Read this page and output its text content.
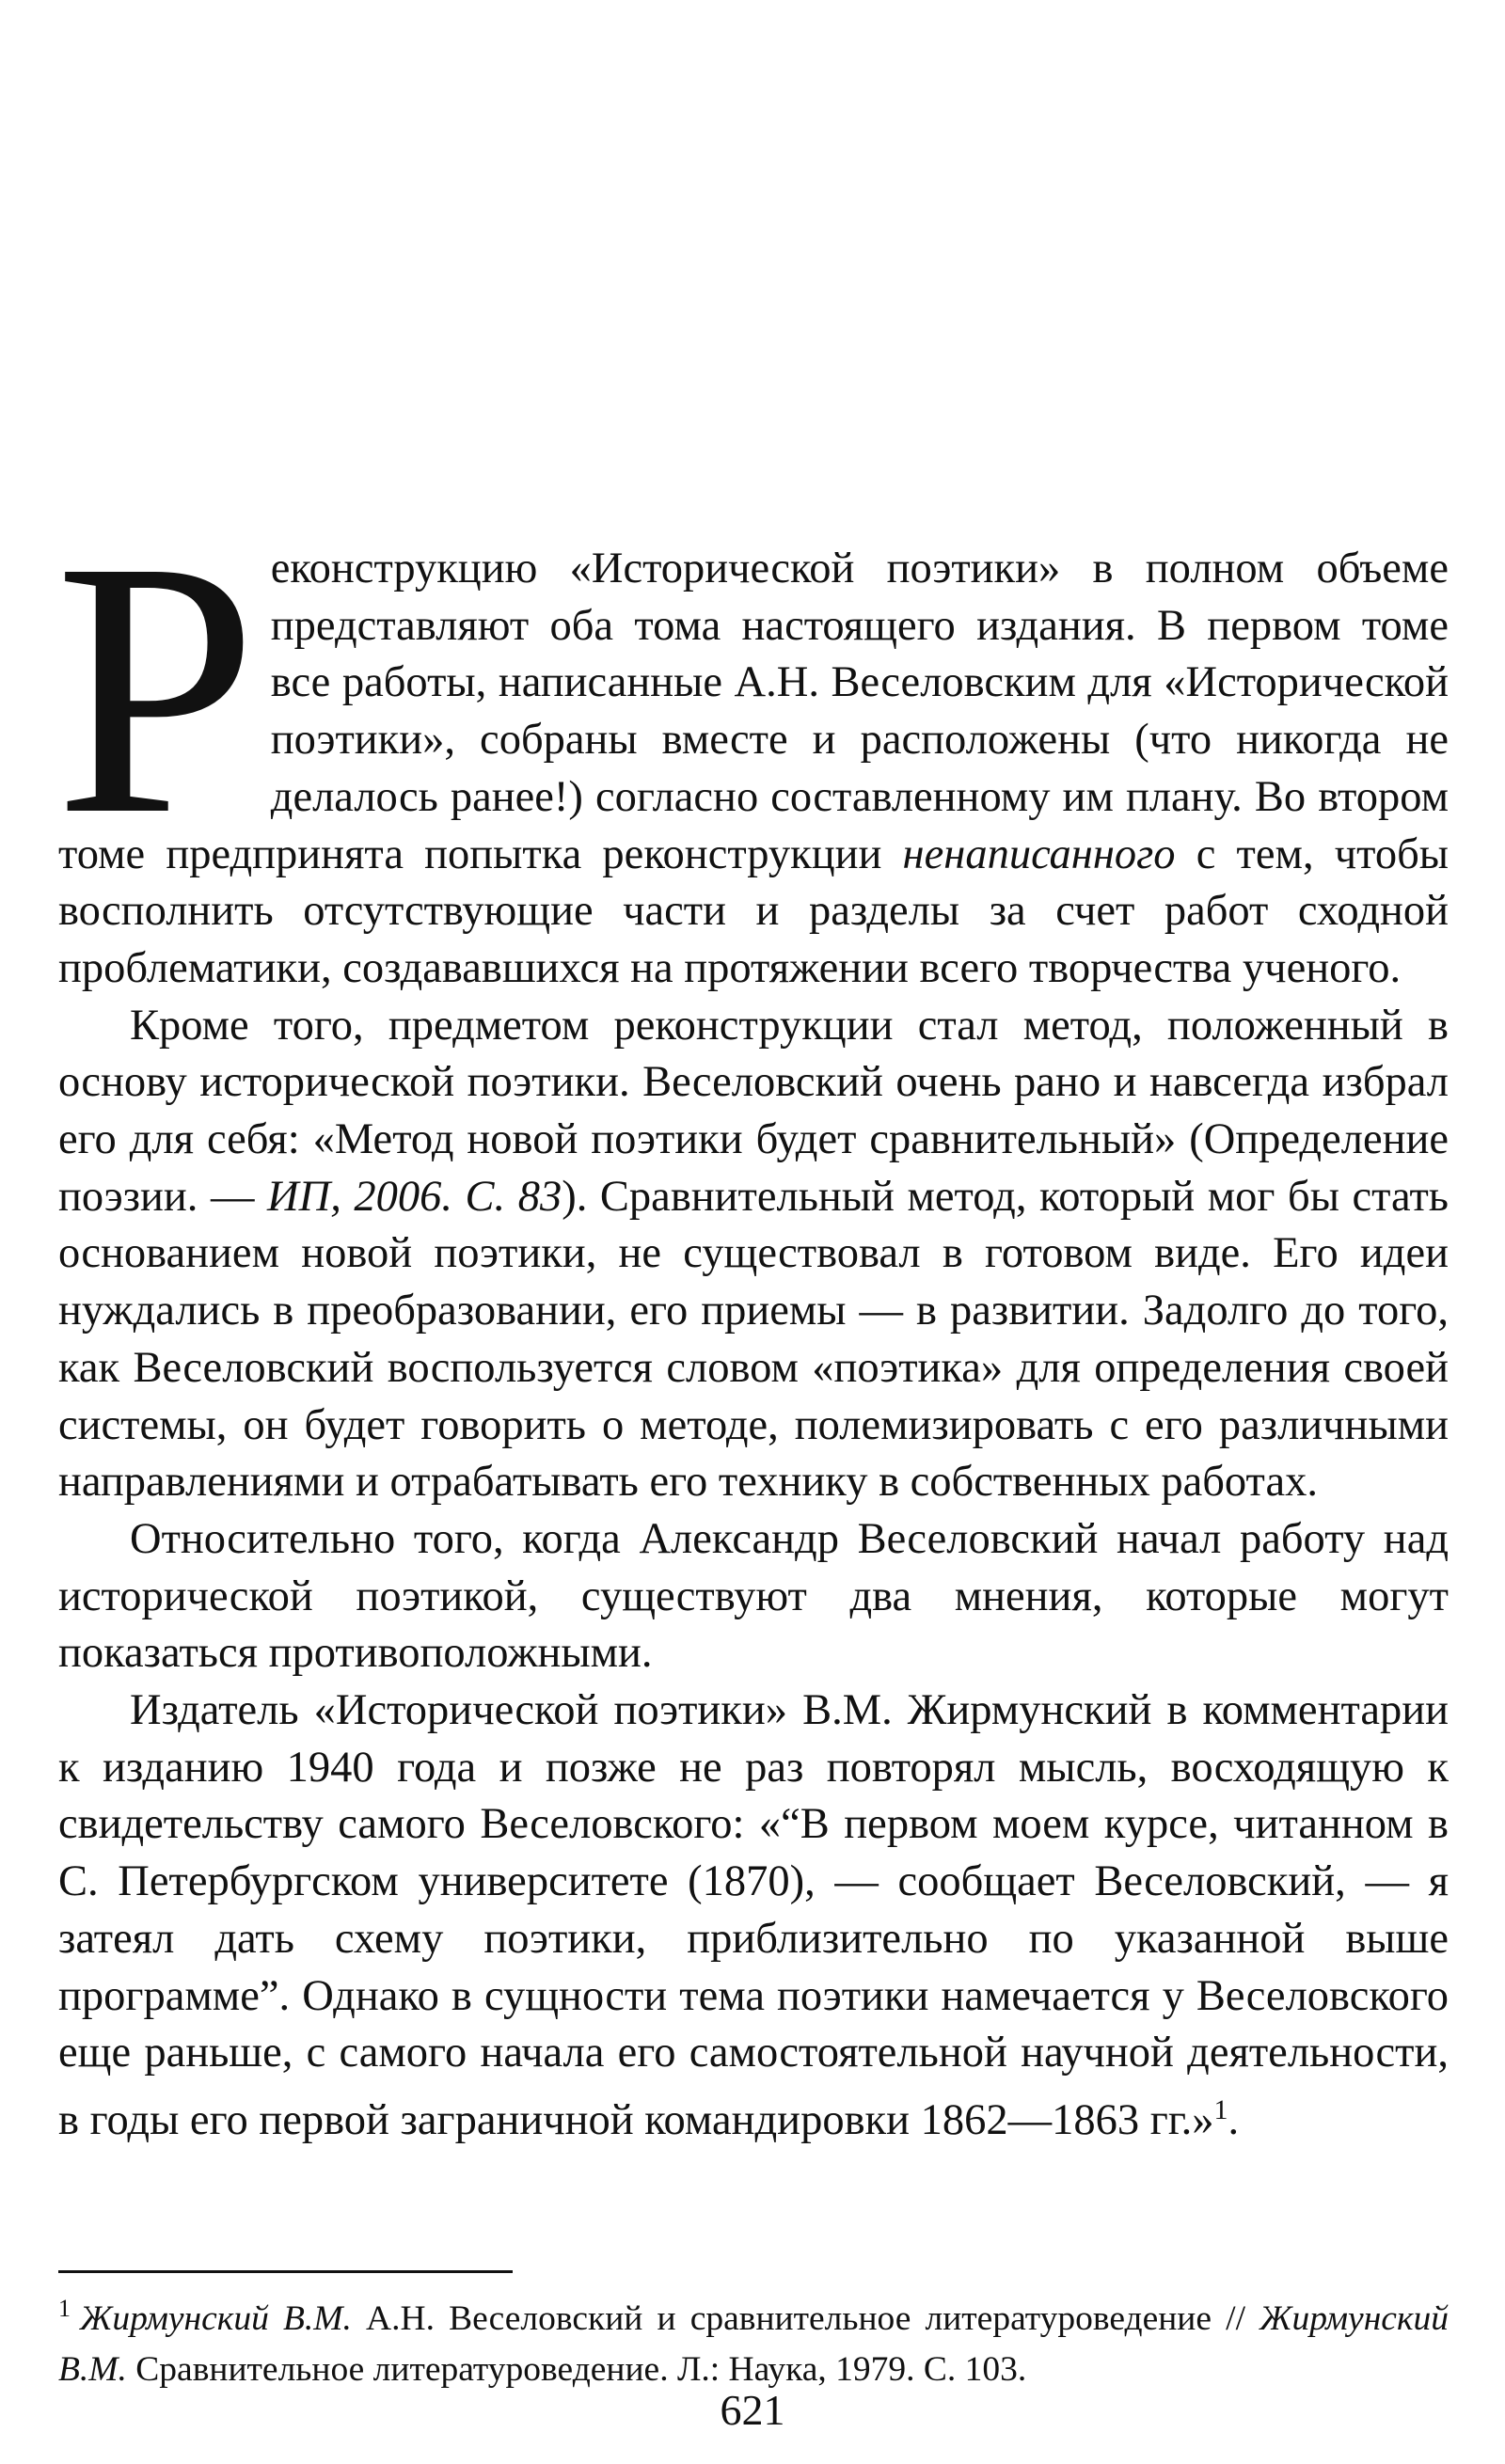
Реконструкцию «Исторической поэтики» в полном объеме представляют оба тома настоящего издания. В первом томе все работы, написанные А.Н. Веселовским для «Исторической поэтики», собраны вместе и расположены (что никогда не делалось ранее!) согласно составленному им плану. Во втором томе предпринята попытка реконструкции ненаписанного с тем, чтобы восполнить отсутствующие части и разделы за счет работ сходной проблематики, создававшихся на протяжении всего творчества ученого.

Кроме того, предметом реконструкции стал метод, положенный в основу исторической поэтики. Веселовский очень рано и навсегда избрал его для себя: «Метод новой поэтики будет сравнительный» (Определение поэзии. — ИП, 2006. С. 83). Сравнительный метод, который мог бы стать основанием новой поэтики, не существовал в готовом виде. Его идеи нуждались в преобразовании, его приемы — в развитии. Задолго до того, как Веселовский воспользуется словом «поэтика» для определения своей системы, он будет говорить о методе, полемизировать с его различными направлениями и отрабатывать его технику в собственных работах.

Относительно того, когда Александр Веселовский начал работу над исторической поэтикой, существуют два мнения, которые могут показаться противоположными.

Издатель «Исторической поэтики» В.М. Жирмунский в комментарии к изданию 1940 года и позже не раз повторял мысль, восходящую к свидетельству самого Веселовского: «“В первом моем курсе, читанном в С. Петербургском университете (1870), — сообщает Веселовский, — я затеял дать схему поэтики, приблизительно по указанной выше программе”. Однако в сущности тема поэтики намечается у Веселовского еще раньше, с самого начала его самостоятельной научной деятельности, в годы его первой заграничной командировки 1862—1863 гг.»$^1$.

$^1$ Жирмунский В.М. А.Н. Веселовский и сравнительное литературоведение // Жирмунский В.М. Сравнительное литературоведение. Л.: Наука, 1979. С. 103.

621
